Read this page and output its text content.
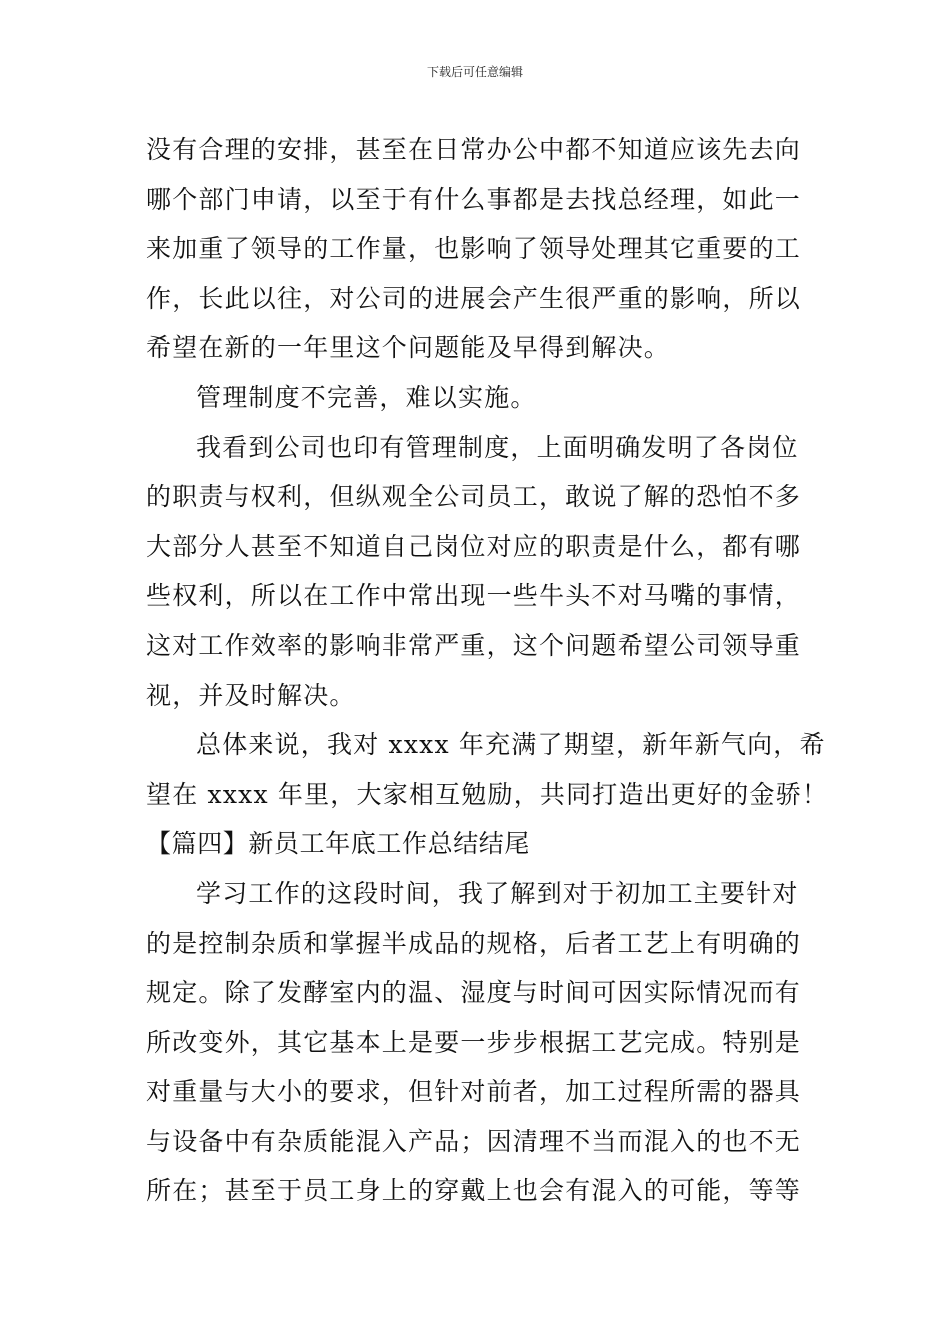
下载后可任意编辑
没有合理的安排，甚至在日常办公中都不知道应该先去向
哪个部门申请，以至于有什么事都是去找总经理，如此一
来加重了领导的工作量，也影响了领导处理其它重要的工
作，长此以往，对公司的进展会产生很严重的影响，所以
希望在新的一年里这个问题能及早得到解决。
管理制度不完善，难以实施。
我看到公司也印有管理制度，上面明确发明了各岗位
的职责与权利，但纵观全公司员工，敢说了解的恐怕不多
大部分人甚至不知道自己岗位对应的职责是什么，都有哪
些权利，所以在工作中常出现一些牛头不对马嘴的事情，
这对工作效率的影响非常严重，这个问题希望公司领导重
视，并及时解决。
总体来说，我对 xxxx 年充满了期望，新年新气向，希
望在 xxxx 年里，大家相互勉励，共同打造出更好的金骄！
【篇四】新员工年底工作总结结尾
学习工作的这段时间，我了解到对于初加工主要针对
的是控制杂质和掌握半成品的规格，后者工艺上有明确的
规定。除了发酵室内的温、湿度与时间可因实际情况而有
所改变外，其它基本上是要一步步根据工艺完成。特别是
对重量与大小的要求，但针对前者，加工过程所需的器具
与设备中有杂质能混入产品；因清理不当而混入的也不无
所在；甚至于员工身上的穿戴上也会有混入的可能，等等
